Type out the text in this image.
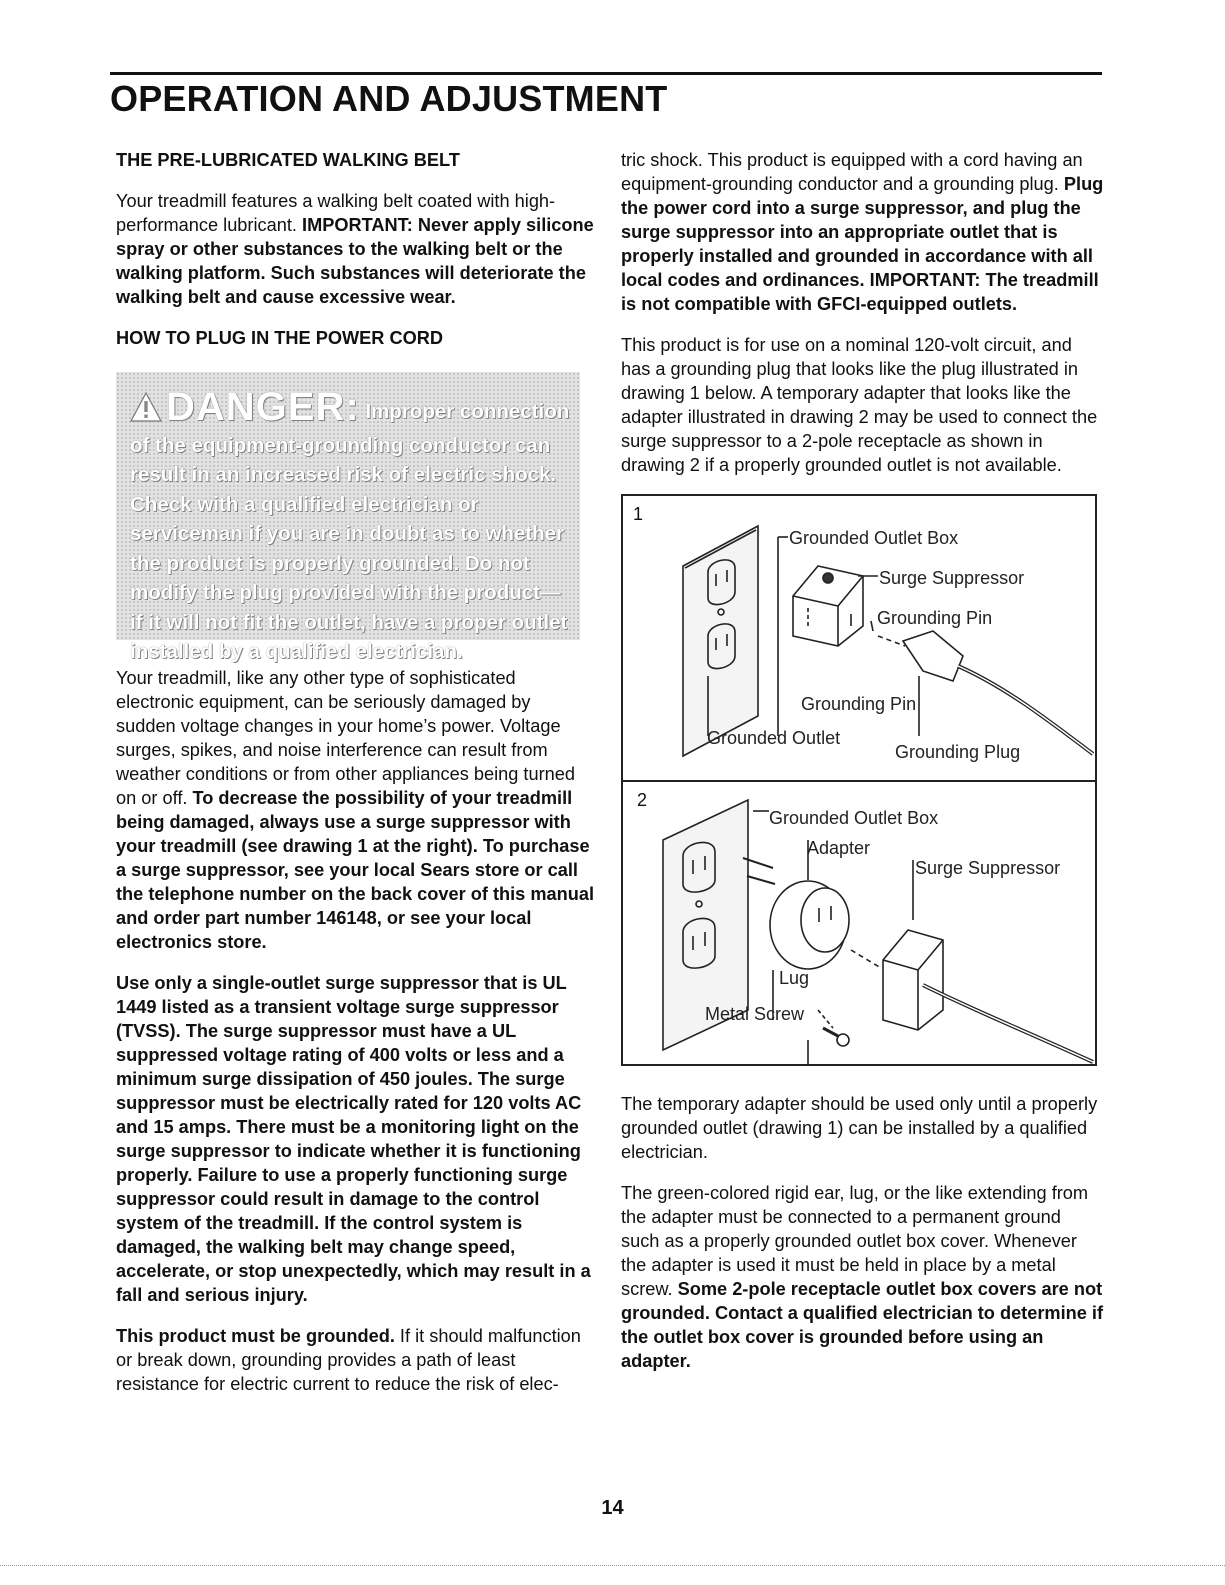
OPERATION AND ADJUSTMENT
THE PRE-LUBRICATED WALKING BELT

Your treadmill features a walking belt coated with high-performance lubricant. IMPORTANT: Never apply silicone spray or other substances to the walking belt or the walking platform. Such substances will deteriorate the walking belt and cause excessive wear.

HOW TO PLUG IN THE POWER CORD
DANGER: Improper connection of the equipment-grounding conductor can result in an increased risk of electric shock. Check with a qualified electrician or serviceman if you are in doubt as to whether the product is properly grounded. Do not modify the plug provided with the product—if it will not fit the outlet, have a proper outlet installed by a qualified electrician.

Your treadmill, like any other type of sophisticated electronic equipment, can be seriously damaged by sudden voltage changes in your home’s power. Voltage surges, spikes, and noise interference can result from weather conditions or from other appliances being turned on or off. To decrease the possibility of your treadmill being damaged, always use a surge suppressor with your treadmill (see drawing 1 at the right). To purchase a surge suppressor, see your local Sears store or call the telephone number on the back cover of this manual and order part number 146148, or see your local electronics store.

Use only a single-outlet surge suppressor that is UL 1449 listed as a transient voltage surge suppressor (TVSS). The surge suppressor must have a UL suppressed voltage rating of 400 volts or less and a minimum surge dissipation of 450 joules. The surge suppressor must be electrically rated for 120 volts AC and 15 amps. There must be a monitoring light on the surge suppressor to indicate whether it is functioning properly. Failure to use a properly functioning surge suppressor could result in damage to the control system of the treadmill. If the control system is damaged, the walking belt may change speed, accelerate, or stop unexpectedly, which may result in a fall and serious injury.

This product must be grounded. If it should malfunction or break down, grounding provides a path of least resistance for electric current to reduce the risk of elec-

tric shock. This product is equipped with a cord having an equipment-grounding conductor and a grounding plug. Plug the power cord into a surge suppressor, and plug the surge suppressor into an appropriate outlet that is properly installed and grounded in accordance with all local codes and ordinances. IMPORTANT: The treadmill is not compatible with GFCI-equipped outlets.

This product is for use on a nominal 120-volt circuit, and has a grounding plug that looks like the plug illustrated in drawing 1 below. A temporary adapter that looks like the adapter illustrated in drawing 2 may be used to connect the surge suppressor to a 2-pole receptacle as shown in drawing 2 if a properly grounded outlet is not available.

1
Grounded Outlet Box
Surge Suppressor
Grounding Pin
Grounding Pin
Grounded Outlet
Grounding Plug
2
Grounded Outlet Box
Adapter
Surge Suppressor
Lug
Metal Screw

The temporary adapter should be used only until a properly grounded outlet (drawing 1) can be installed by a qualified electrician.

The green-colored rigid ear, lug, or the like extending from the adapter must be connected to a permanent ground such as a properly grounded outlet box cover. Whenever the adapter is used it must be held in place by a metal screw. Some 2-pole receptacle outlet box covers are not grounded. Contact a qualified electrician to determine if the outlet box cover is grounded before using an adapter.

14
